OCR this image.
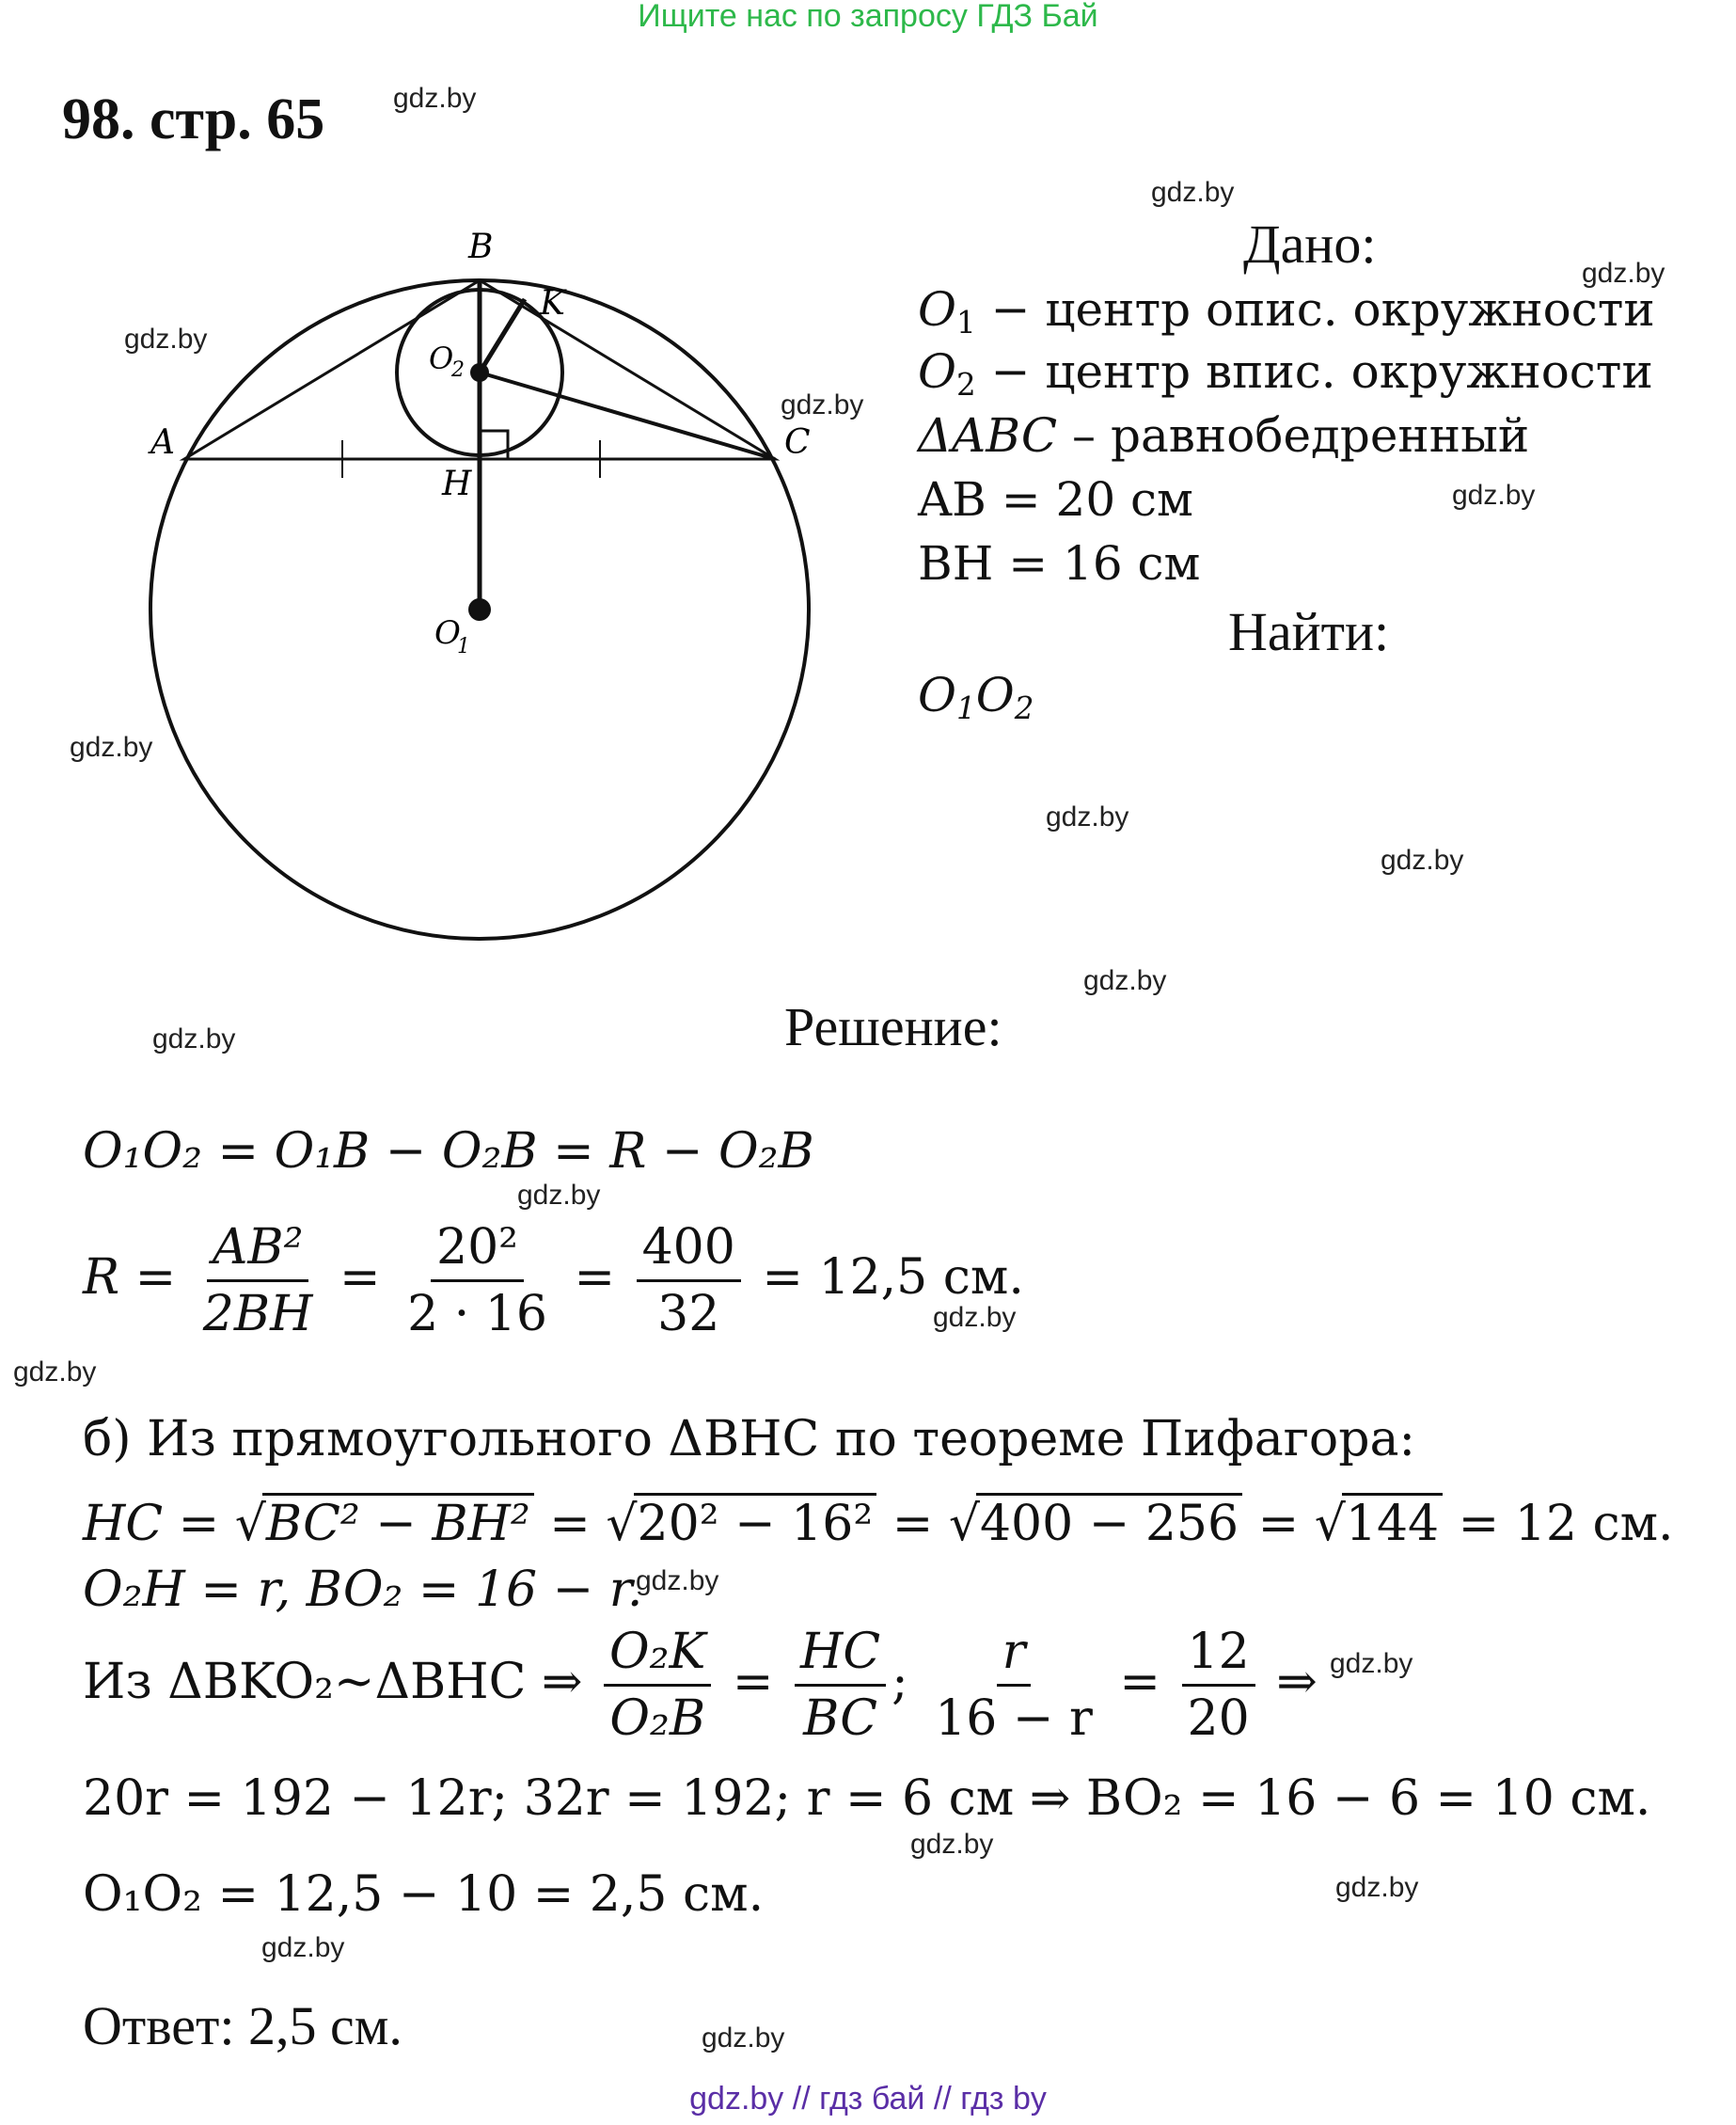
Ищите нас по запросу ГДЗ Бай
98. стр. 65 gdz.by
gdz.by
gdz.by
gdz.by
gdz.by
gdz.by
gdz.by
gdz.by
gdz.by
gdz.by
gdz.by
gdz.by
gdz.by
gdz.by
gdz.by
gdz.by
gdz.by
gdz.by
gdz.by
gdz.by
B
K
A	C
H
O
2
O
1
Дано:
$O_1$ − центр опис. окружности
$O_2$ − центр впис. окружности
ΔABC – равнобедренный
AB = 20 см
BH = 16 см
Найти:
$O_1O_2$
Решение:
O₁O₂ = O₁B − O₂B = R − O₂B
$R = \frac{\text{AB²}}{2BH} = \frac{\text{20²}}{2 \cdot 16} = \frac{400}{32} = 12,5$ см.
б) Из прямоугольного ΔBHC по теореме Пифагора:
HC = √BC² − BH² = √20² − 16² = √400 − 256 = √144 = 12 см.
O₂H = r, BO₂ = 16 − r.
Из ΔBKO₂~ΔBHC ⇒ $\frac{\text{O₂K}}{\text{O₂B}} = \frac{HC}{BC}$ ; $\frac{r}{16 - r} = \frac{12}{20}$ ⇒
20r = 192 − 12r; 32r = 192; r = 6 см ⇒ BO₂ = 16 − 6 = 10 см.
O₁O₂ = 12,5 − 10 = 2,5 см.
Ответ: 2,5 см.
gdz.by // гдз бай // гдз by
